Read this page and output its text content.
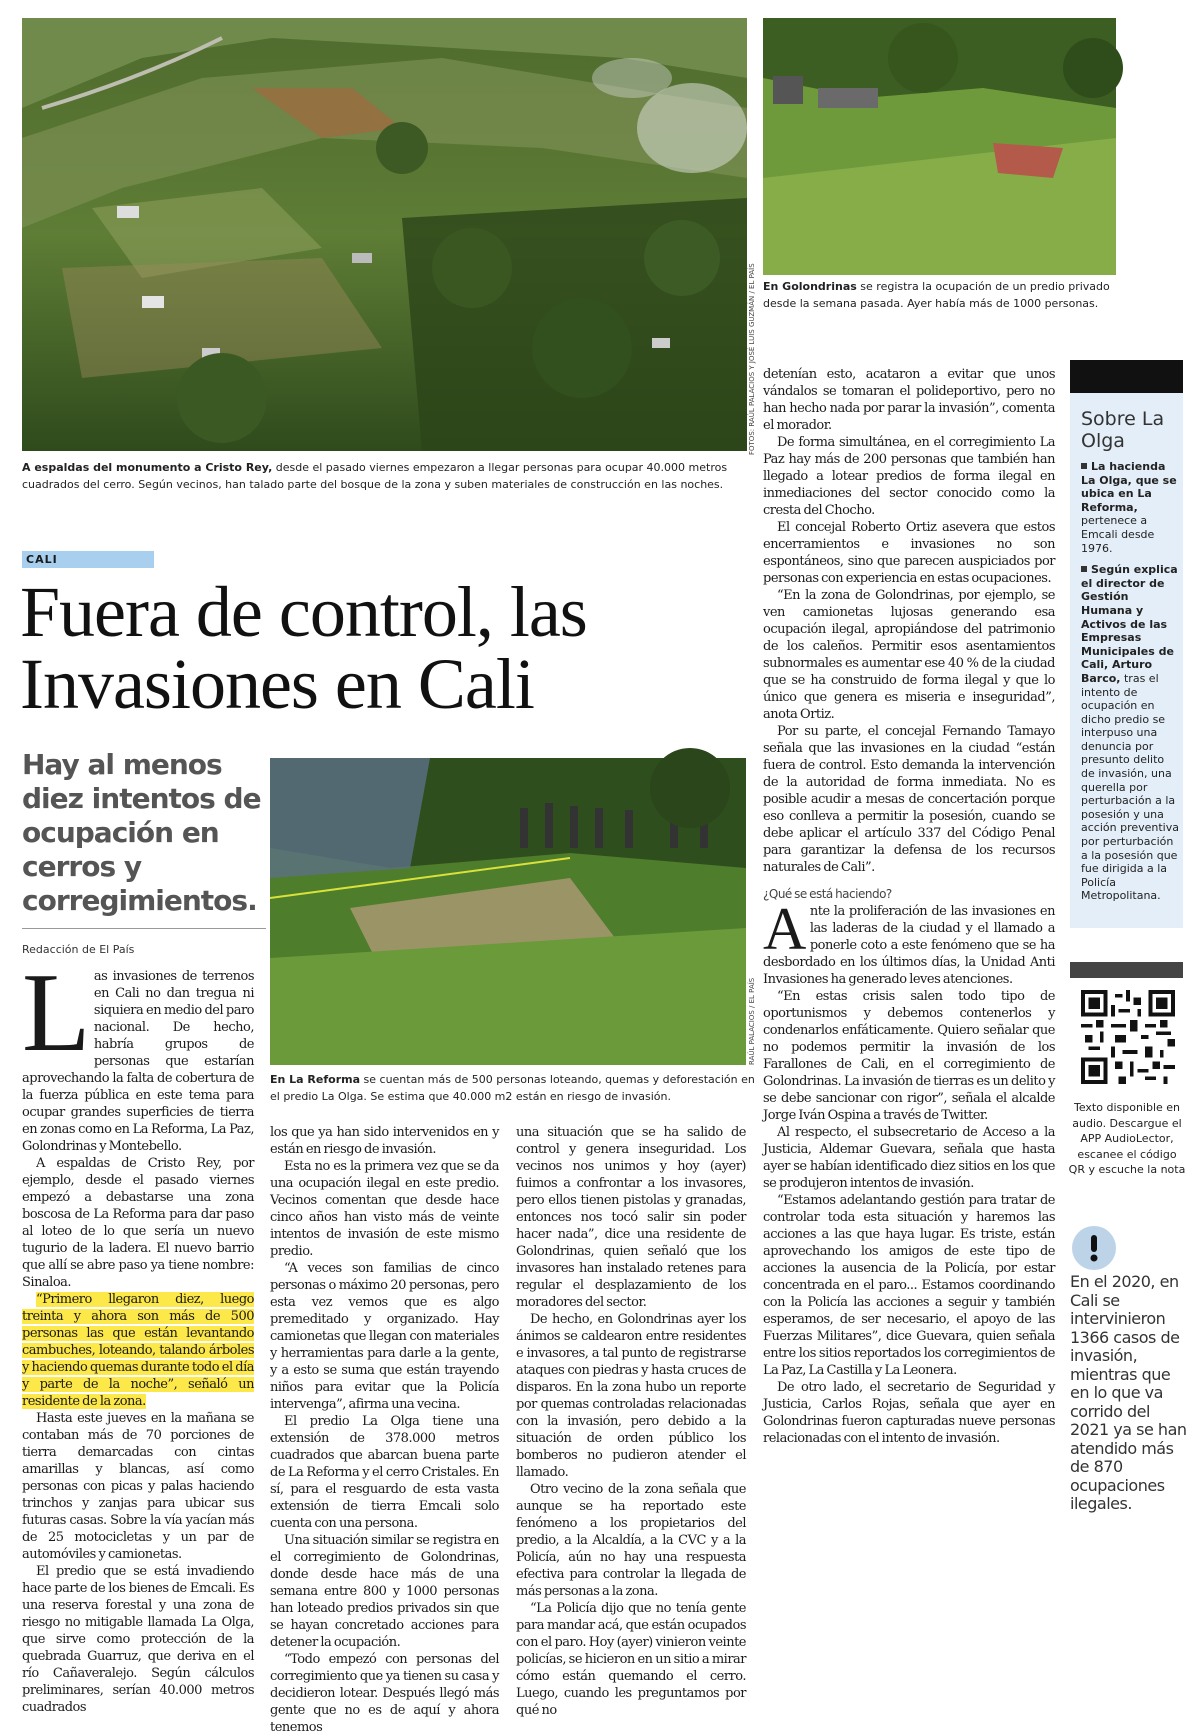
FOTOS: RAÚL PALACIOS Y JOSÉ LUIS GUZMÁN / EL PAÍS
A espaldas del monumento a Cristo Rey, desde el pasado viernes empezaron a llegar personas para ocupar 40.000 metros cuadrados del cerro. Según vecinos, han talado parte del bosque de la zona y suben materiales de construcción en las noches.
En Golondrinas se registra la ocupación de un predio privado desde la semana pasada. Ayer había más de 1000 personas.
CALI
Fuera de control, las Invasiones en Cali
Hay al menos diez intentos de ocupación en cerros y corregimientos.
Redacción de El País
RAÚL PALACIOS / EL PAÍS
En La Reforma se cuentan más de 500 personas loteando, quemas y deforestación en el predio La Olga. Se estima que 40.000 m2 están en riesgo de invasión.

Las invasiones de terrenos en Cali no dan tregua ni siquiera en medio del paro nacional. De hecho, habría grupos de personas que estarían aprovechando la falta de cobertura de la fuerza pública en este tema para ocupar grandes superficies de tierra en zonas como en La Reforma, La Paz, Golondrinas y Montebello.

A espaldas de Cristo Rey, por ejemplo, desde el pasado viernes empezó a debastarse una zona boscosa de La Reforma para dar paso al loteo de lo que sería un nuevo tugurio de la ladera. El nuevo barrio que allí se abre paso ya tiene nombre: Sinaloa.

“Primero llegaron diez, luego treinta y ahora son más de 500 personas las que están levantando cambuches, loteando, talando árboles y haciendo quemas durante todo el día y parte de la noche”, señaló un residente de la zona.

Hasta este jueves en la mañana se contaban más de 70 porciones de tierra demarcadas con cintas amarillas y blancas, así como personas con picas y palas haciendo trinchos y zanjas para ubicar sus futuras casas. Sobre la vía yacían más de 25 motocicletas y un par de automóviles y camionetas.

El predio que se está invadiendo hace parte de los bienes de Emcali. Es una reserva forestal y una zona de riesgo no mitigable llamada La Olga, que sirve como protección de la quebrada Guarruz, que deriva en el río Cañaveralejo. Según cálculos preliminares, serían 40.000 metros cuadrados

los que ya han sido intervenidos en y están en riesgo de invasión.

Esta no es la primera vez que se da una ocupación ilegal en este predio. Vecinos comentan que desde hace cinco años han visto más de veinte intentos de invasión de este mismo predio.

“A veces son familias de cinco personas o máximo 20 personas, pero esta vez vemos que es algo premeditado y organizado. Hay camionetas que llegan con materiales y herramientas para darle a la gente, y a esto se suma que están trayendo niños para evitar que la Policía intervenga”, afirma una vecina.

El predio La Olga tiene una extensión de 378.000 metros cuadrados que abarcan buena parte de La Reforma y el cerro Cristales. En sí, para el resguardo de esta vasta extensión de tierra Emcali solo cuenta con una persona.

Una situación similar se registra en el corregimiento de Golondrinas, donde desde hace más de una semana entre 800 y 1000 personas han loteado predios privados sin que se hayan concretado acciones para detener la ocupación.

“Todo empezó con personas del corregimiento que ya tienen su casa y decidieron lotear. Después llegó más gente que no es de aquí y ahora tenemos

una situación que se ha salido de control y genera inseguridad. Los vecinos nos unimos y hoy (ayer) fuimos a confrontar a los invasores, pero ellos tienen pistolas y granadas, entonces nos tocó salir sin poder hacer nada”, dice una residente de Golondrinas, quien señaló que los invasores han instalado retenes para regular el desplazamiento de los moradores del sector.

De hecho, en Golondrinas ayer los ánimos se caldearon entre residentes e invasores, a tal punto de registrarse ataques con piedras y hasta cruces de disparos. En la zona hubo un reporte por quemas controladas relacionadas con la invasión, pero debido a la situación de orden público los bomberos no pudieron atender el llamado.

Otro vecino de la zona señala que aunque se ha reportado este fenómeno a los propietarios del predio, a la Alcaldía, a la CVC y a la Policía, aún no hay una respuesta efectiva para controlar la llegada de más personas a la zona.

“La Policía dijo que no tenía gente para mandar acá, que están ocupados con el paro. Hoy (ayer) vinieron veinte policías, se hicieron en un sitio a mirar cómo están quemando el cerro. Luego, cuando les preguntamos por qué no

detenían esto, acataron a evitar que unos vándalos se tomaran el polideportivo, pero no han hecho nada por parar la invasión”, comenta el morador.

De forma simultánea, en el corregimiento La Paz hay más de 200 personas que también han llegado a lotear predios de forma ilegal en inmediaciones del sector conocido como la cresta del Chocho.

El concejal Roberto Ortiz asevera que estos encerramientos e invasiones no son espontáneos, sino que parecen auspiciados por personas con experiencia en estas ocupaciones.

“En la zona de Golondrinas, por ejemplo, se ven camionetas lujosas generando esa ocupación ilegal, apropiándose del patrimonio de los caleños. Permitir esos asentamientos subnormales es aumentar ese 40 % de la ciudad que se ha construido de forma ilegal y que lo único que genera es miseria e inseguridad”, anota Ortiz.

Por su parte, el concejal Fernando Tamayo señala que las invasiones en la ciudad “están fuera de control. Esto demanda la intervención de la autoridad de forma inmediata. No es posible acudir a mesas de concertación porque eso conlleva a permitir la posesión, cuando se debe aplicar el artículo 337 del Código Penal para garantizar la defensa de los recursos naturales de Cali”.

¿Qué se está haciendo?

Ante la proliferación de las invasiones en las laderas de la ciudad y el llamado a ponerle coto a este fenómeno que se ha desbordado en los últimos días, la Unidad Anti Invasiones ha generado leves atenciones.

“En estas crisis salen todo tipo de oportunismos y debemos contenerlos y condenarlos enfáticamente. Quiero señalar que no podemos permitir la invasión de los Farallones de Cali, en el corregimiento de Golondrinas. La invasión de tierras es un delito y se debe sancionar con rigor”, señala el alcalde Jorge Iván Ospina a través de Twitter.

Al respecto, el subsecretario de Acceso a la Justicia, Aldemar Guevara, señala que hasta ayer se habían identificado diez sitios en los que se produjeron intentos de invasión.

“Estamos adelantando gestión para tratar de controlar toda esta situación y haremos las acciones a las que haya lugar. Es triste, están aprovechando los amigos de este tipo de acciones la ausencia de la Policía, por estar concentrada en el paro... Estamos coordinando con la Policía las acciones a seguir y también esperamos, de ser necesario, el apoyo de las Fuerzas Militares”, dice Guevara, quien señala entre los sitios reportados los corregimientos de La Paz, La Castilla y La Leonera.

De otro lado, el secretario de Seguridad y Justicia, Carlos Rojas, señala que ayer en Golondrinas fueron capturadas nueve personas relacionadas con el intento de invasión.

Sobre La Olga

La hacienda La Olga, que se ubica en La Reforma, pertenece a Emcali desde 1976.

Según explica el director de Gestión Humana y Activos de las Empresas Municipales de Cali, Arturo Barco, tras el intento de ocupación en dicho predio se interpuso una denuncia por presunto delito de invasión, una querella por perturbación a la posesión y una acción preventiva por perturbación a la posesión que fue dirigida a la Policía Metropolitana.

Texto disponible en audio. Descargue el APP AudioLector, escanee el código QR y escuche la nota
En el 2020, en Cali se intervinieron 1366 casos de invasión, mientras que en lo que va corrido del 2021 ya se han atendido más de 870 ocupaciones ilegales.
